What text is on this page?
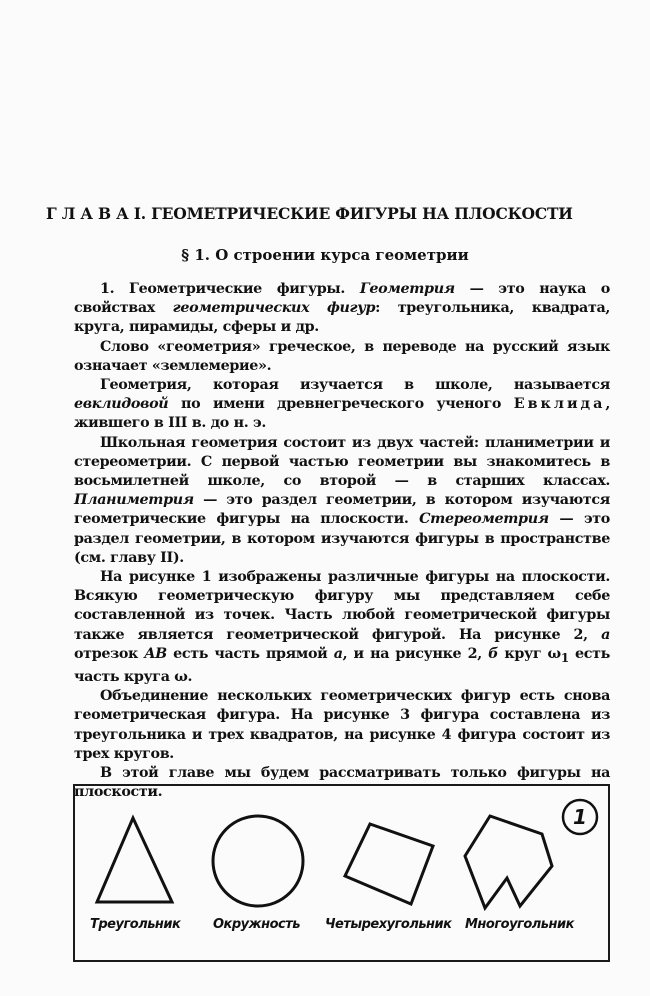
Г Л А В А I. ГЕОМЕТРИЧЕСКИЕ ФИГУРЫ НА ПЛОСКОСТИ
§ 1. О строении курса геометрии

1. Геометрические фигуры. Геометрия — это наука о свойствах геометрических фигур: треугольника, квадрата, круга, пирамиды, сферы и др.

Слово «геометрия» греческое, в переводе на русский язык означает «землемерие».

Геометрия, которая изучается в школе, называется евклидовой по имени древнегреческого ученого Евклида, жившего в III в. до н. э.

Школьная геометрия состоит из двух частей: планиметрии и стереометрии. С первой частью геометрии вы знакомитесь в восьмилетней школе, со второй — в старших классах. Планиметрия — это раздел геометрии, в котором изучаются геометрические фигуры на плоскости. Стереометрия — это раздел геометрии, в котором изучаются фигуры в пространстве (см. главу II).

На рисунке 1 изображены различные фигуры на плоскости. Всякую геометрическую фигуру мы представляем себе составленной из точек. Часть любой геометрической фигуры также является геометрической фигурой. На рисунке 2, а отрезок AB есть часть прямой a, и на рисунке 2, б круг $\omega_1$ есть часть круга ω.

Объединение нескольких геометрических фигур есть снова геометрическая фигура. На рисунке 3 фигура составлена из треугольника и трех квадратов, на рисунке 4 фигура состоит из трех кругов.

В этой главе мы будем рассматривать только фигуры на плоскости.

1
Треугольник	Окружность Четырехугольник Многоугольник
